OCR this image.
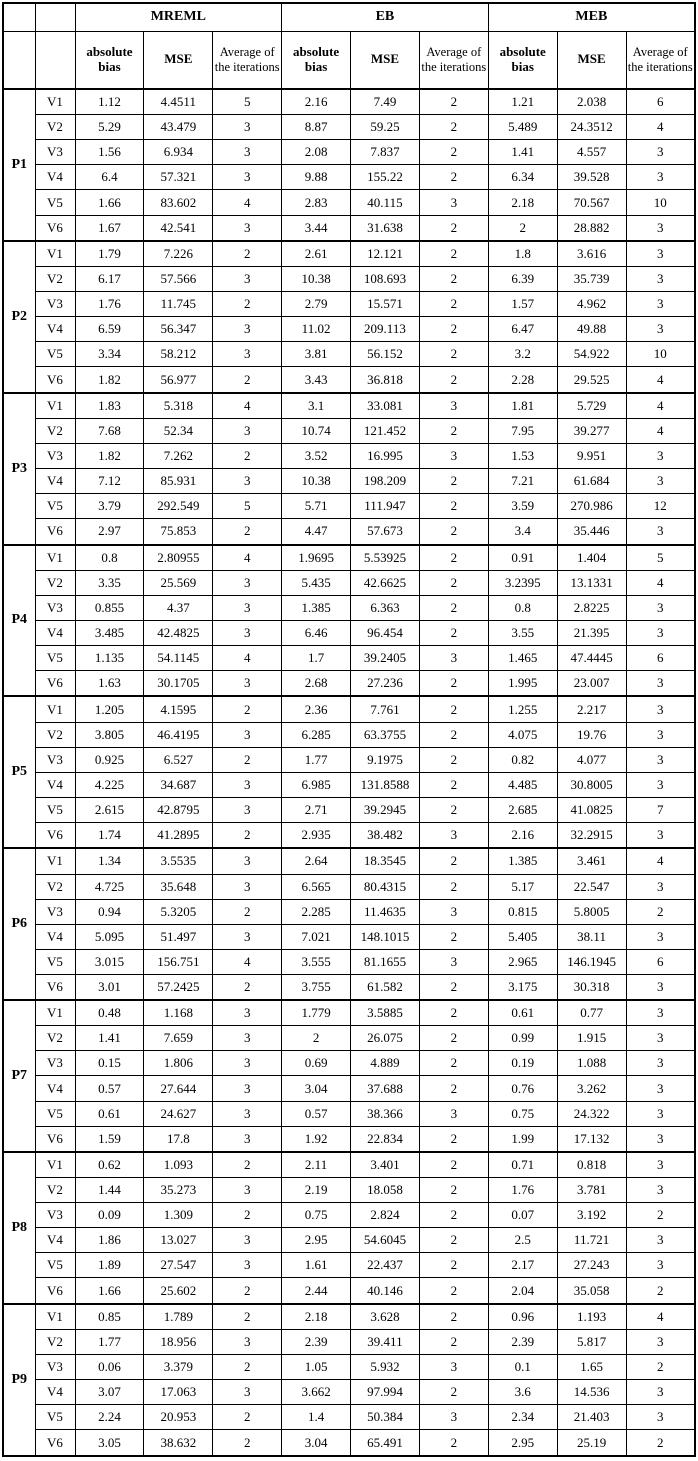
		MREML			EB			MEB		
		absolute bias	MSE	Average of the iterations	absolute bias	MSE	Average of the iterations	absolute bias	MSE	Average of the iterations
P1	V1	1.12	4.4511	5	2.16	7.49	2	1.21	2.038	6
	V2	5.29	43.479	3	8.87	59.25	2	5.489	24.3512	4
	V3	1.56	6.934	3	2.08	7.837	2	1.41	4.557	3
	V4	6.4	57.321	3	9.88	155.22	2	6.34	39.528	3
	V5	1.66	83.602	4	2.83	40.115	3	2.18	70.567	10
	V6	1.67	42.541	3	3.44	31.638	2	2	28.882	3
P2	V1	1.79	7.226	2	2.61	12.121	2	1.8	3.616	3
	V2	6.17	57.566	3	10.38	108.693	2	6.39	35.739	3
	V3	1.76	11.745	2	2.79	15.571	2	1.57	4.962	3
	V4	6.59	56.347	3	11.02	209.113	2	6.47	49.88	3
	V5	3.34	58.212	3	3.81	56.152	2	3.2	54.922	10
	V6	1.82	56.977	2	3.43	36.818	2	2.28	29.525	4
P3	V1	1.83	5.318	4	3.1	33.081	3	1.81	5.729	4
	V2	7.68	52.34	3	10.74	121.452	2	7.95	39.277	4
	V3	1.82	7.262	2	3.52	16.995	3	1.53	9.951	3
	V4	7.12	85.931	3	10.38	198.209	2	7.21	61.684	3
	V5	3.79	292.549	5	5.71	111.947	2	3.59	270.986	12
	V6	2.97	75.853	2	4.47	57.673	2	3.4	35.446	3
P4	V1	0.8	2.80955	4	1.9695	5.53925	2	0.91	1.404	5
	V2	3.35	25.569	3	5.435	42.6625	2	3.2395	13.1331	4
	V3	0.855	4.37	3	1.385	6.363	2	0.8	2.8225	3
	V4	3.485	42.4825	3	6.46	96.454	2	3.55	21.395	3
	V5	1.135	54.1145	4	1.7	39.2405	3	1.465	47.4445	6
	V6	1.63	30.1705	3	2.68	27.236	2	1.995	23.007	3
P5	V1	1.205	4.1595	2	2.36	7.761	2	1.255	2.217	3
	V2	3.805	46.4195	3	6.285	63.3755	2	4.075	19.76	3
	V3	0.925	6.527	2	1.77	9.1975	2	0.82	4.077	3
	V4	4.225	34.687	3	6.985	131.8588	2	4.485	30.8005	3
	V5	2.615	42.8795	3	2.71	39.2945	2	2.685	41.0825	7
	V6	1.74	41.2895	2	2.935	38.482	3	2.16	32.2915	3
P6	V1	1.34	3.5535	3	2.64	18.3545	2	1.385	3.461	4
	V2	4.725	35.648	3	6.565	80.4315	2	5.17	22.547	3
	V3	0.94	5.3205	2	2.285	11.4635	3	0.815	5.8005	2
	V4	5.095	51.497	3	7.021	148.1015	2	5.405	38.11	3
	V5	3.015	156.751	4	3.555	81.1655	3	2.965	146.1945	6
	V6	3.01	57.2425	2	3.755	61.582	2	3.175	30.318	3
P7	V1	0.48	1.168	3	1.779	3.5885	2	0.61	0.77	3
	V2	1.41	7.659	3	2	26.075	2	0.99	1.915	3
	V3	0.15	1.806	3	0.69	4.889	2	0.19	1.088	3
	V4	0.57	27.644	3	3.04	37.688	2	0.76	3.262	3
	V5	0.61	24.627	3	0.57	38.366	3	0.75	24.322	3
	V6	1.59	17.8	3	1.92	22.834	2	1.99	17.132	3
P8	V1	0.62	1.093	2	2.11	3.401	2	0.71	0.818	3
	V2	1.44	35.273	3	2.19	18.058	2	1.76	3.781	3
	V3	0.09	1.309	2	0.75	2.824	2	0.07	3.192	2
	V4	1.86	13.027	3	2.95	54.6045	2	2.5	11.721	3
	V5	1.89	27.547	3	1.61	22.437	2	2.17	27.243	3
	V6	1.66	25.602	2	2.44	40.146	2	2.04	35.058	2
P9	V1	0.85	1.789	2	2.18	3.628	2	0.96	1.193	4
	V2	1.77	18.956	3	2.39	39.411	2	2.39	5.817	3
	V3	0.06	3.379	2	1.05	5.932	3	0.1	1.65	2
	V4	3.07	17.063	3	3.662	97.994	2	3.6	14.536	3
	V5	2.24	20.953	2	1.4	50.384	3	2.34	21.403	3
	V6	3.05	38.632	2	3.04	65.491	2	2.95	25.19	2
